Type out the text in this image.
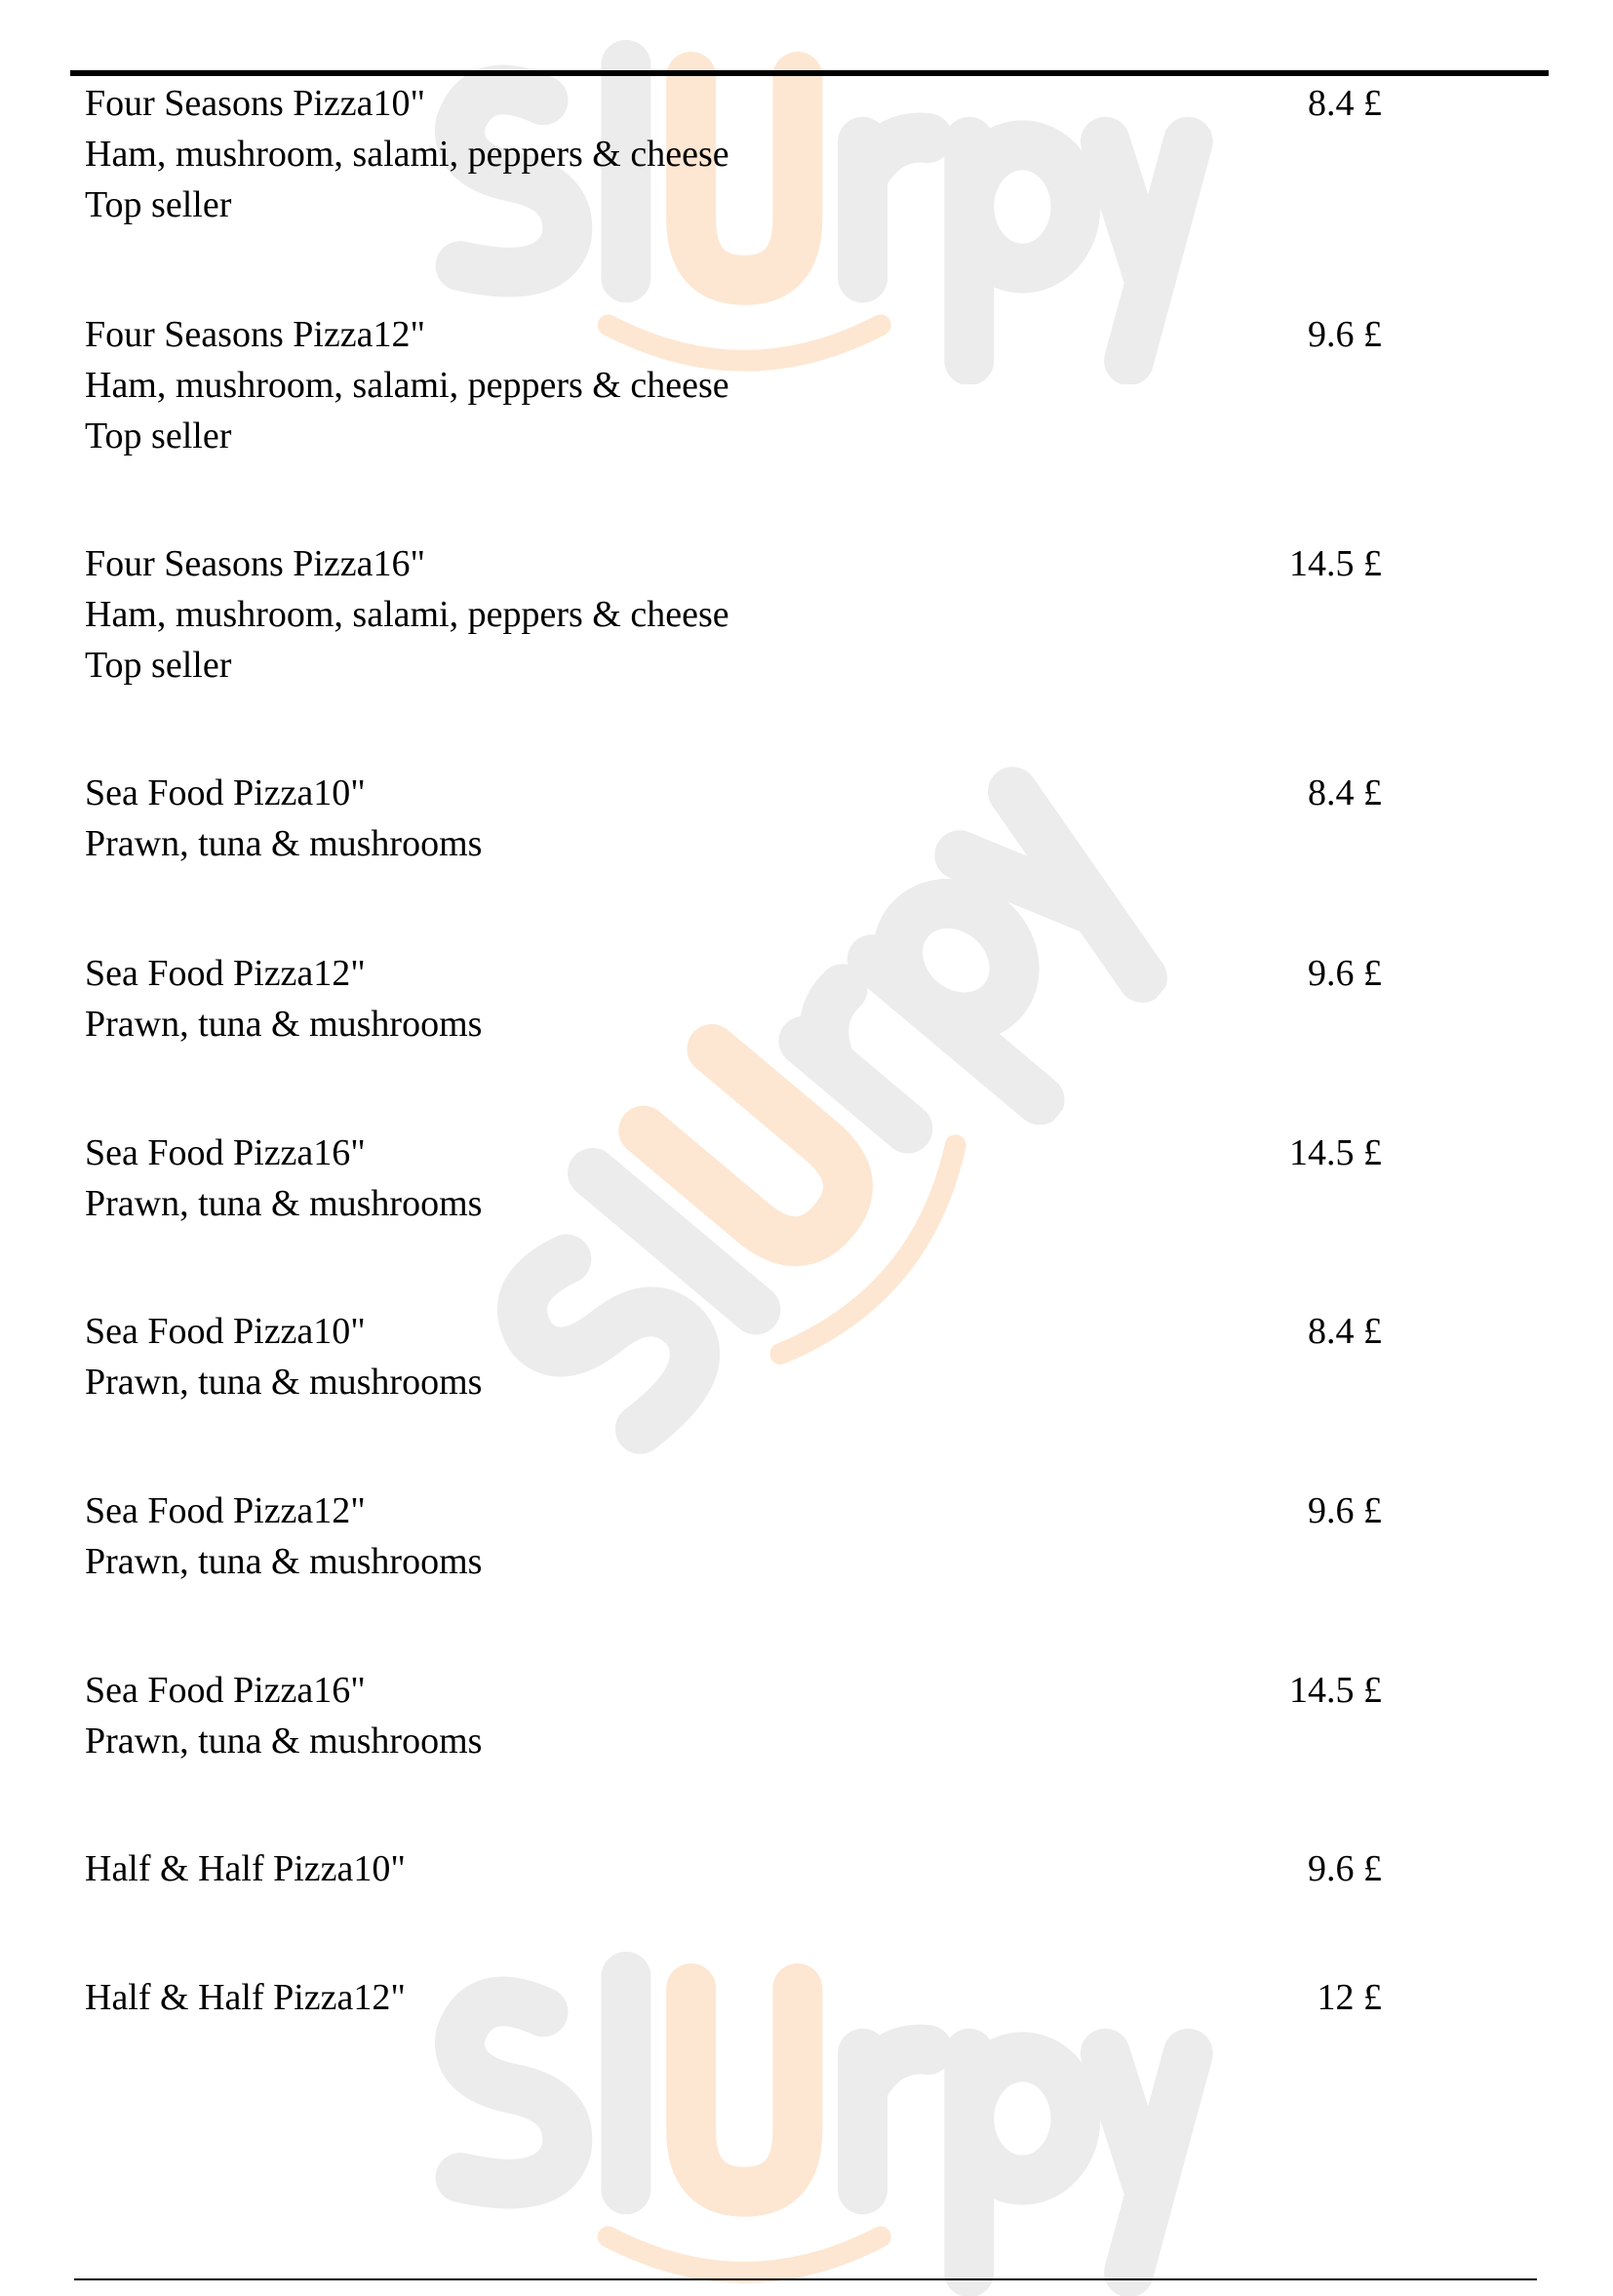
Four Seasons Pizza10"
Ham, mushroom, salami, peppers & cheese
Top seller
8.4 £
Four Seasons Pizza12"
Ham, mushroom, salami, peppers & cheese
Top seller
9.6 £
Four Seasons Pizza16"
Ham, mushroom, salami, peppers & cheese
Top seller
14.5 £
Sea Food Pizza10"
Prawn, tuna & mushrooms
8.4 £
Sea Food Pizza12"
Prawn, tuna & mushrooms
9.6 £
Sea Food Pizza16"
Prawn, tuna & mushrooms
14.5 £
Sea Food Pizza10"
Prawn, tuna & mushrooms
8.4 £
Sea Food Pizza12"
Prawn, tuna & mushrooms
9.6 £
Sea Food Pizza16"
Prawn, tuna & mushrooms
14.5 £
Half & Half Pizza10"	9.6 £
Half & Half Pizza12"	12 £
